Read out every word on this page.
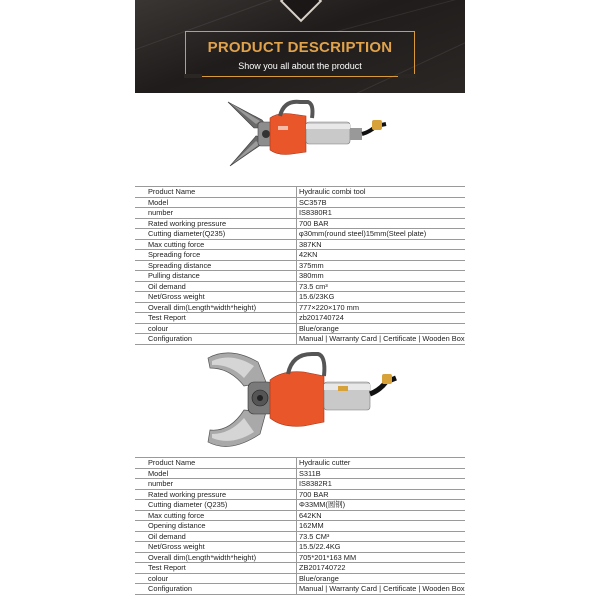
PRODUCT DESCRIPTION
Show you all about the product
Product Name	Hydraulic combi tool
Model	SC357B
number	IS8380R1
Rated working pressure	700 BAR
Cutting diameter(Q235)	φ30mm(round steel)15mm(Steel plate)
Max cutting force	387KN
Spreading force	42KN
Spreading distance	375mm
Pulling distance	380mm
Oil demand	73.5 cm³
Net/Gross weight	15.6/23KG
Overall dim(Length*width*height)	777×220×170 mm
Test Report	zb201740724
colour	Blue/orange
Configuration	Manual | Warranty Card | Certificate | Wooden Box
Product Name	Hydraulic cutter
Model	S311B
number	IS8382R1
Rated working pressure	700 BAR
Cutting diameter (Q235)	Φ33MM(圆钢)
Max cutting force	642KN
Opening distance	162MM
Oil demand	73.5 CM³
Net/Gross weight	15.5/22.4KG
Overall dim(Length*width*height)	705*201*163 MM
Test Report	ZB201740722
colour	Blue/orange
Configuration	Manual | Warranty Card | Certificate | Wooden Box
